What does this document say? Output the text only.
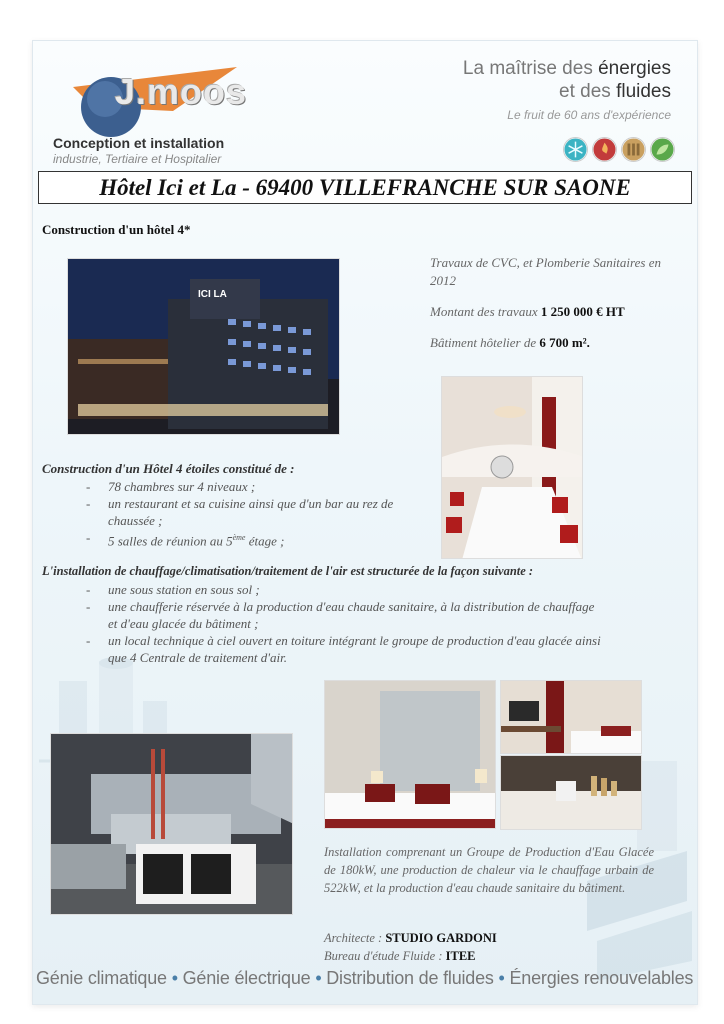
J.moos
Conception et installation
industrie, Tertiaire et Hospitalier
La maîtrise des énergies
et des fluides
Le fruit de 60 ans d'expérience
Hôtel Ici et La - 69400 VILLEFRANCHE SUR SAONE
Construction d'un hôtel 4*
ICI LA

Travaux de CVC, et Plomberie Sanitaires en 2012

Montant des travaux 1 250 000 € HT

Bâtiment hôtelier de 6 700 m².

Construction d'un Hôtel 4 étoiles constitué de :
- 78 chambres sur 4 niveaux ;
- un restaurant et sa cuisine ainsi que d'un bar au rez de chaussée ;
- 5 salles de réunion au 5ème étage ;
L'installation de chauffage/climatisation/traitement de l'air est structurée de la façon suivante :
- une sous station en sous sol ;
- une chaufferie réservée à la production d'eau chaude sanitaire, à la distribution de chauffage et d'eau glacée du bâtiment ;
- un local technique à ciel ouvert en toiture intégrant le groupe de production d'eau glacée ainsi que 4 Centrale de traitement d'air.
Installation comprenant un Groupe de Production d'Eau Glacée de 180kW, une production de chaleur via le chauffage urbain de 522kW, et la production d'eau chaude sanitaire du bâtiment.
Architecte : STUDIO GARDONI
Bureau d'étude Fluide : ITEE
Génie climatique • Génie électrique • Distribution de fluides • Énergies renouvelables
